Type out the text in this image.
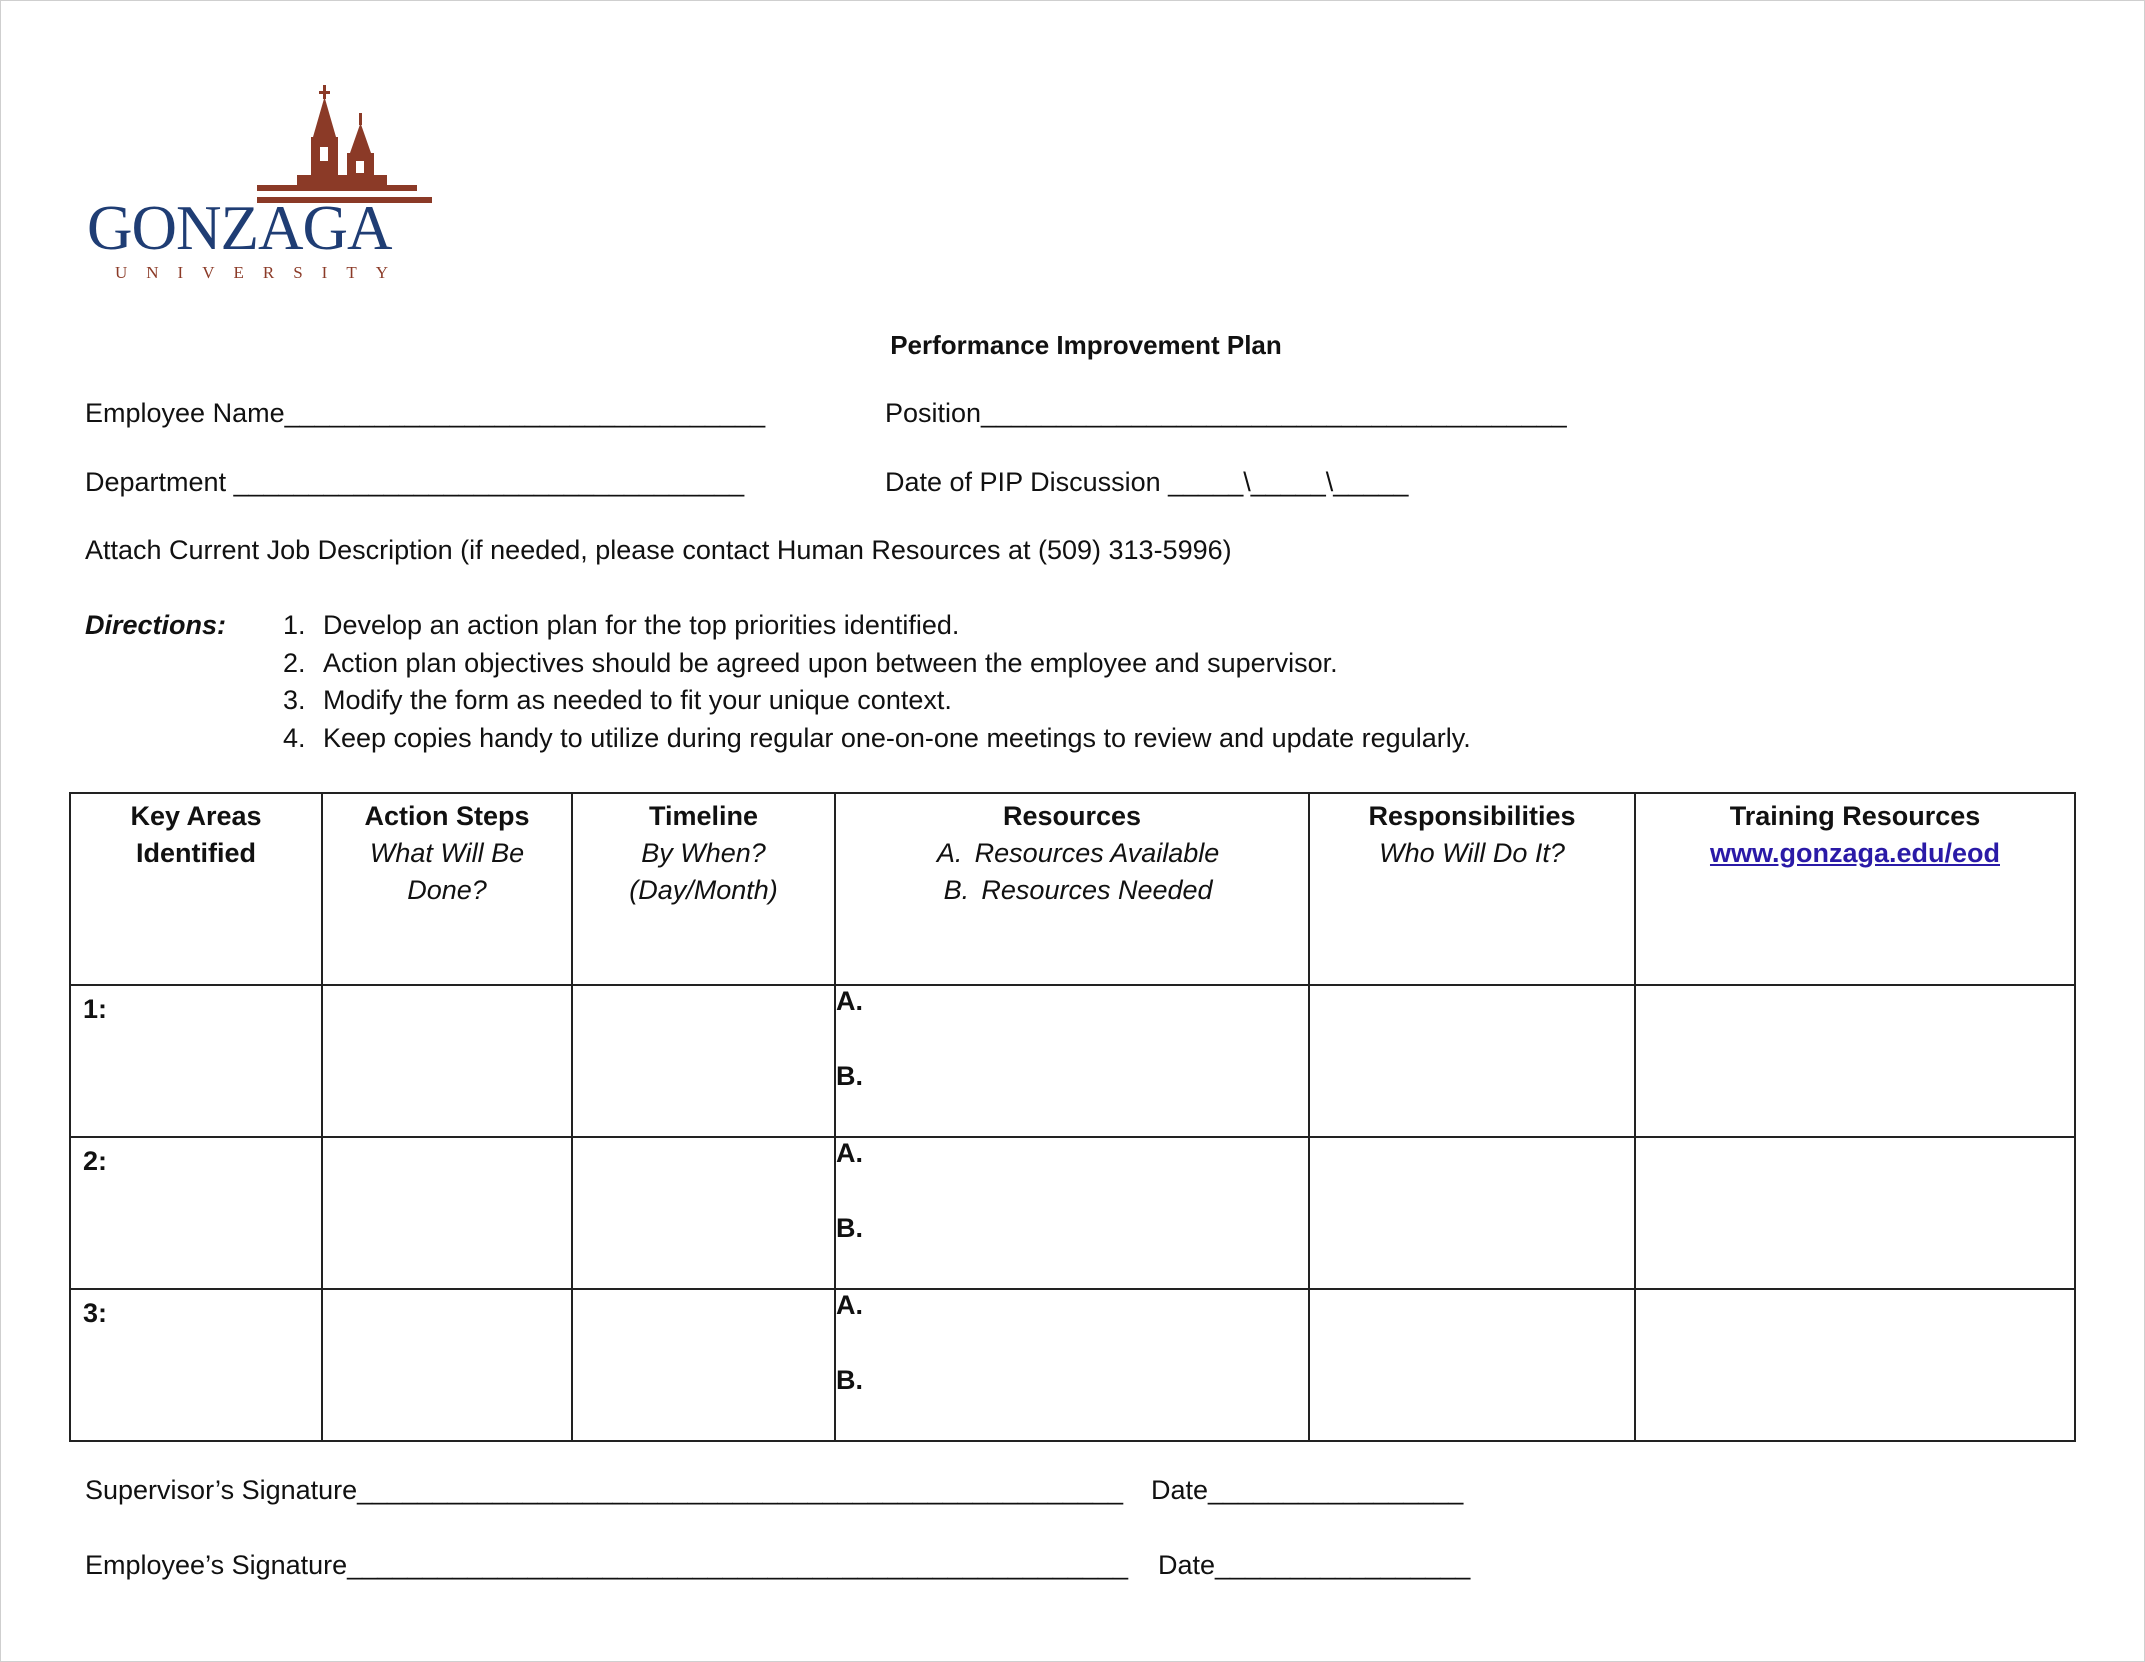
GONZAGA
UNIVERSITY
Performance Improvement Plan
Employee Name________________________________	Position_______________________________________
Department __________________________________	Date of PIP Discussion _____\_____\_____
Attach Current Job Description (if needed, please contact Human Resources at (509) 313-5996)
Directions: 1. Develop an action plan for the top priorities identified.
2. Action plan objectives should be agreed upon between the employee and supervisor.
3. Modify the form as needed to fit your unique context.
4. Keep copies handy to utilize during regular one-on-one meetings to review and update regularly.
Key Areas
Identified	Action Steps
What Will Be
Done?	Timeline
By When?
(Day/Month)	Resources
A. Resources Available
B. Resources Needed	Responsibilities
Who Will Do It?	Training Resources
www.gonzaga.edu/eod

1:			A.
B.		

2:			A.
B.		

3:			A.
B.		

Supervisor’s Signature___________________________________________________ Date_________________
Employee’s Signature____________________________________________________ Date_________________
